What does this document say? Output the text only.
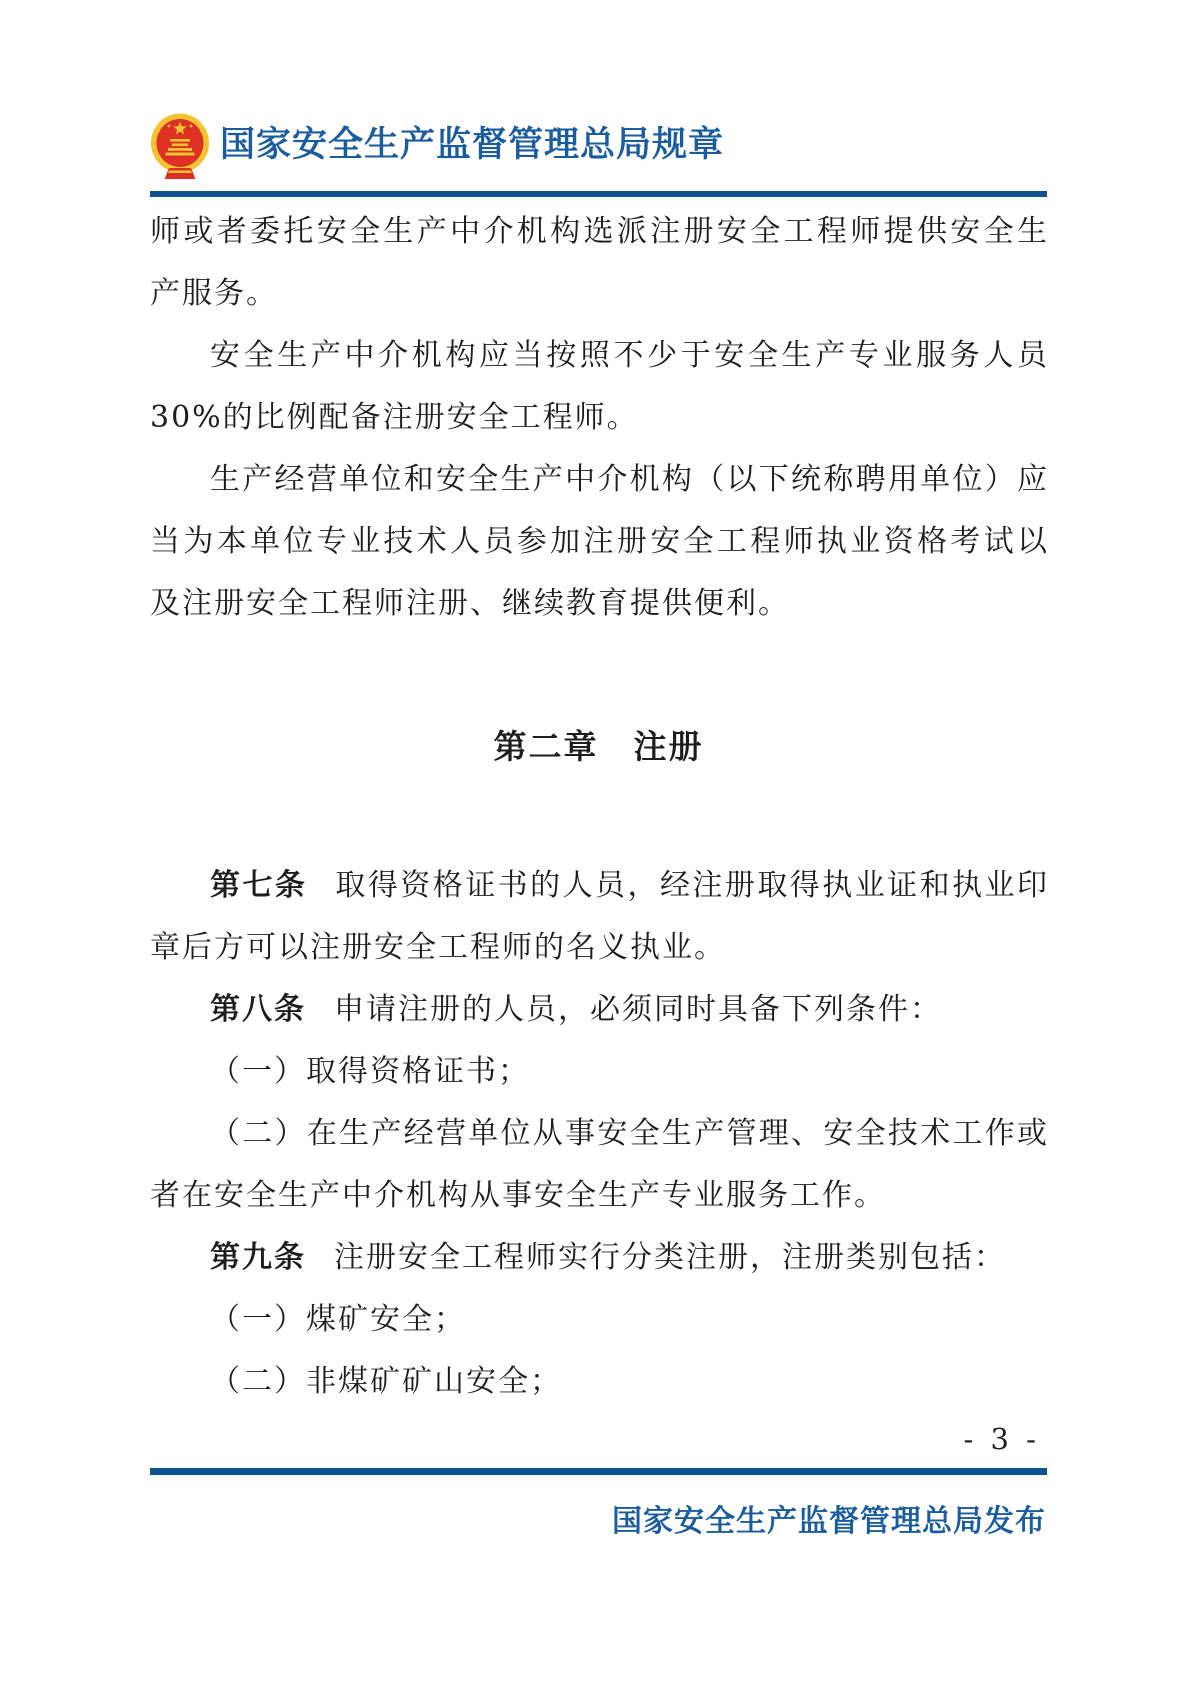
国家安全生产监督管理总局规章
师或者委托安全生产中介机构选派注册安全工程师提供安全生
产服务。
安全生产中介机构应当按照不少于安全生产专业服务人员
30%的比例配备注册安全工程师。
生产经营单位和安全生产中介机构（以下统称聘用单位）应
当为本单位专业技术人员参加注册安全工程师执业资格考试以
及注册安全工程师注册、继续教育提供便利。
第二章　注册
第七条 取得资格证书的人员，经注册取得执业证和执业印
章后方可以注册安全工程师的名义执业。
第八条 申请注册的人员，必须同时具备下列条件：
（一）取得资格证书；
（二）在生产经营单位从事安全生产管理、安全技术工作或
者在安全生产中介机构从事安全生产专业服务工作。
第九条 注册安全工程师实行分类注册，注册类别包括：
（一）煤矿安全；
（二）非煤矿矿山安全；
- 3 -
国家安全生产监督管理总局发布
